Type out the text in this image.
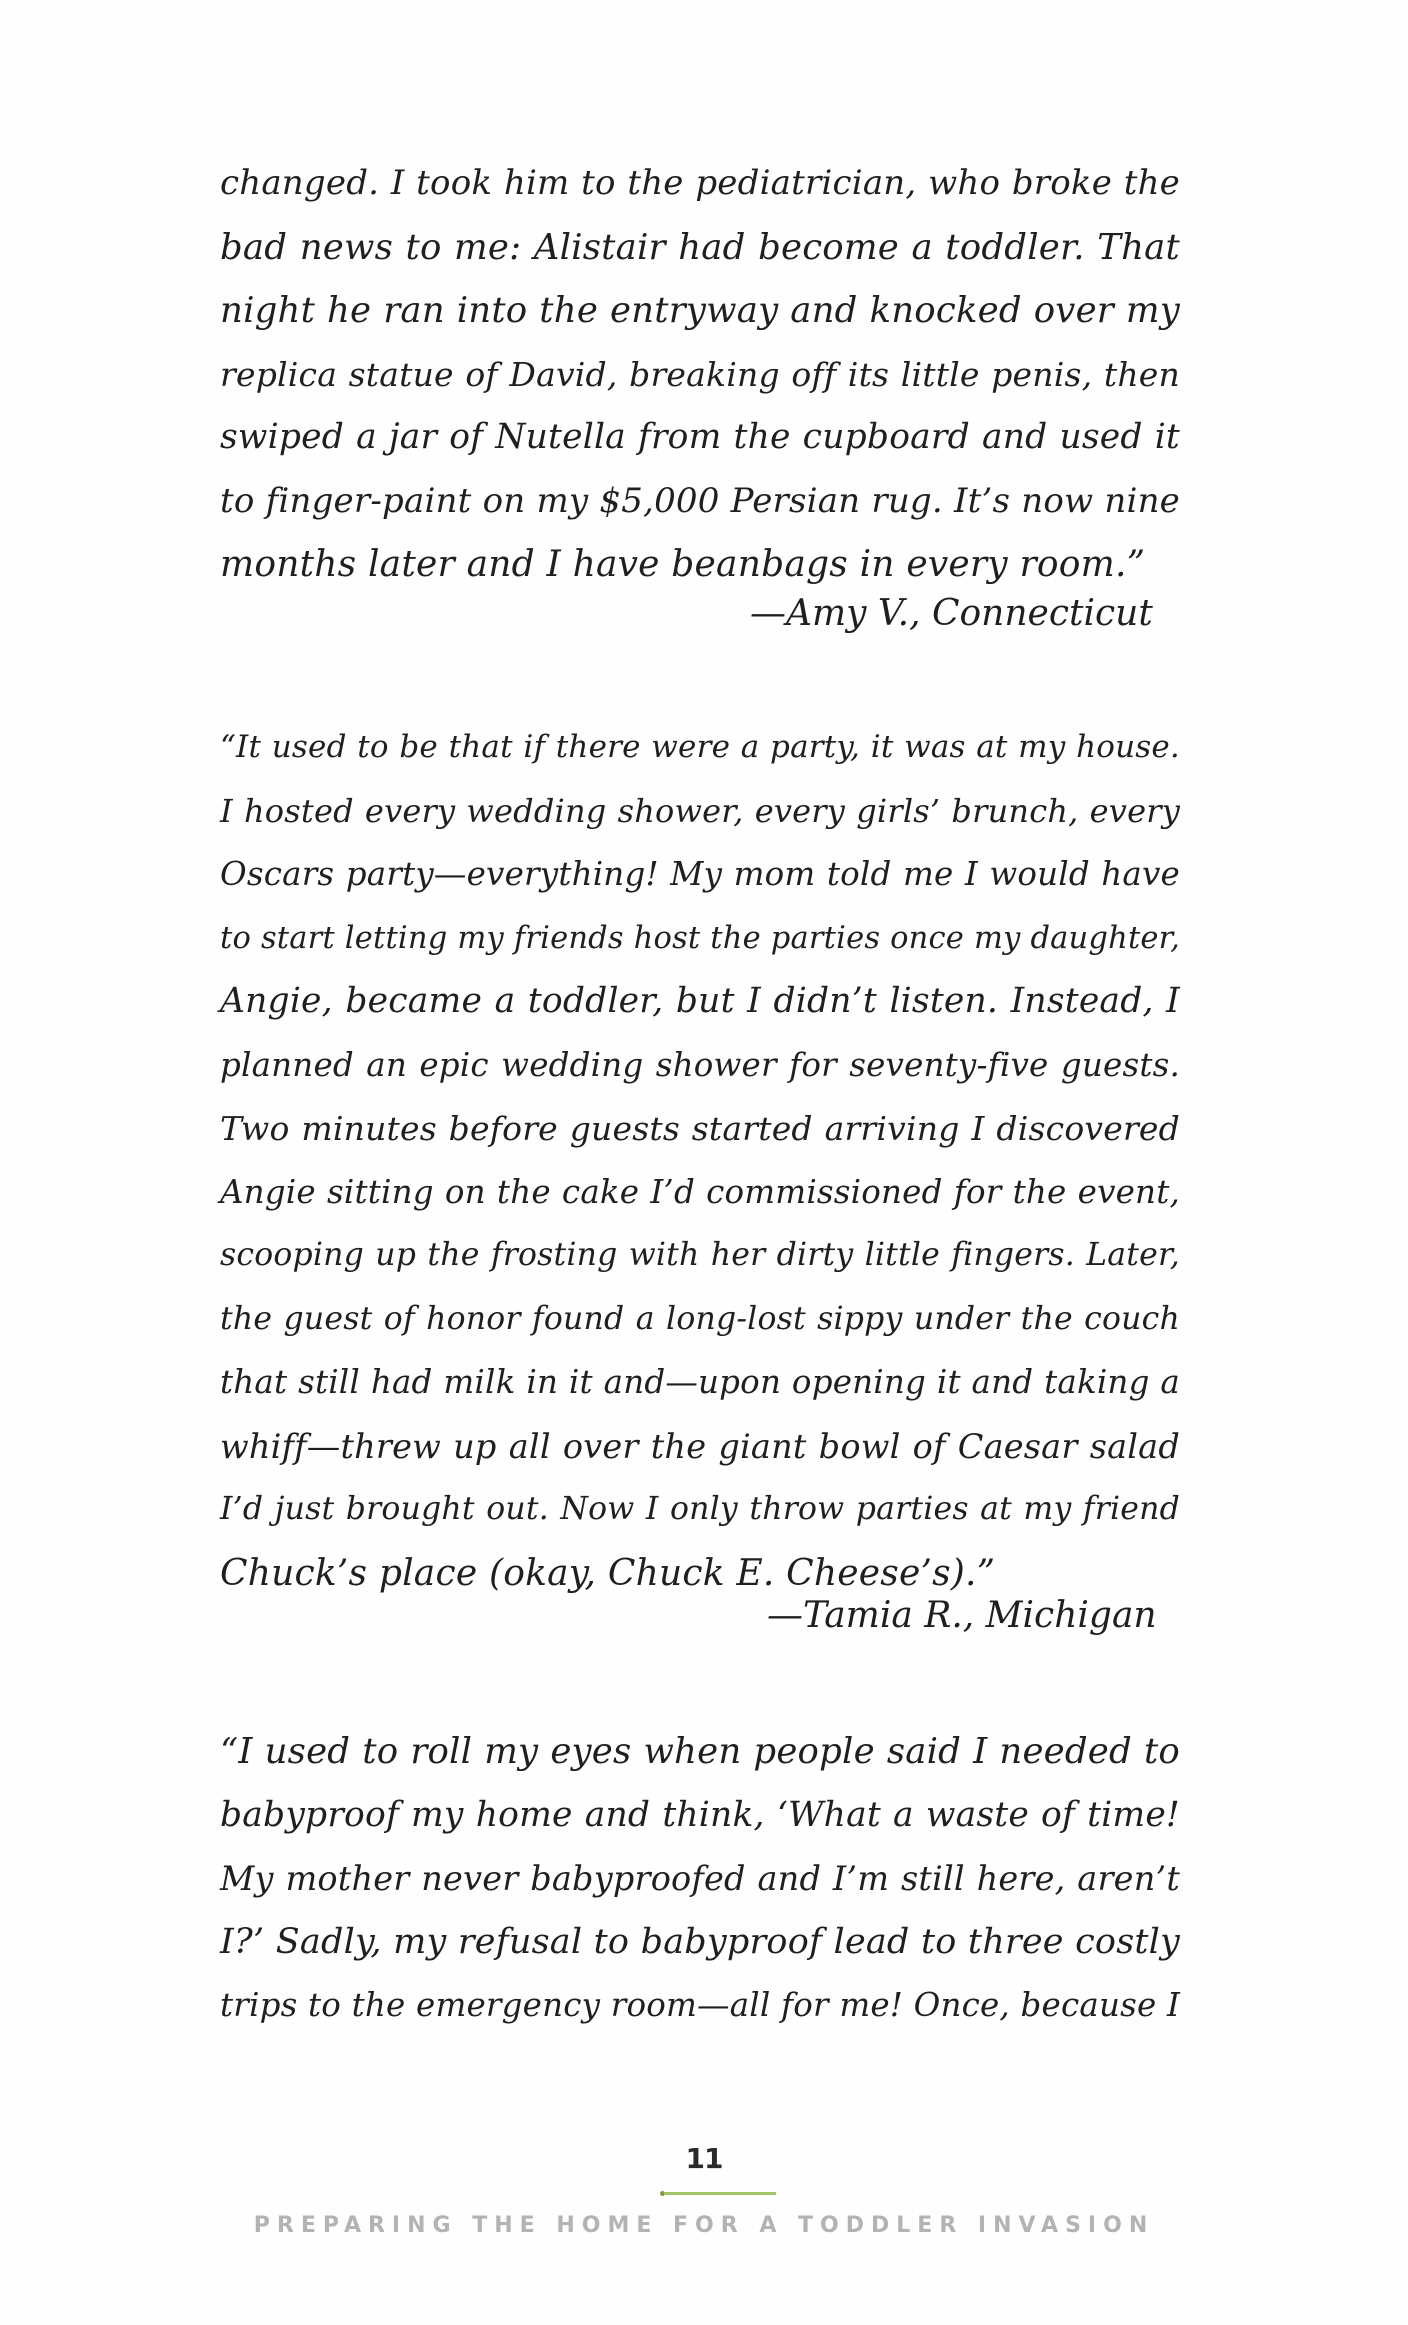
changed. I took him to the pediatrician, who broke the
bad news to me: Alistair had become a toddler. That
night he ran into the entryway and knocked over my
replica statue of David, breaking off its little penis, then
swiped a jar of Nutella from the cupboard and used it
to finger-paint on my $5,000 Persian rug. It’s now nine
months later and I have beanbags in every room.”
—Amy V., Connecticut
“It used to be that if there were a party, it was at my house.
I hosted every wedding shower, every girls’ brunch, every
Oscars party—everything! My mom told me I would have
to start letting my friends host the parties once my daughter,
Angie, became a toddler, but I didn’t listen. Instead, I
planned an epic wedding shower for seventy-five guests.
Two minutes before guests started arriving I discovered
Angie sitting on the cake I’d commissioned for the event,
scooping up the frosting with her dirty little fingers. Later,
the guest of honor found a long-lost sippy under the couch
that still had milk in it and—upon opening it and taking a
whiff—threw up all over the giant bowl of Caesar salad
I’d just brought out. Now I only throw parties at my friend
Chuck’s place (okay, Chuck E. Cheese’s).”
—Tamia R., Michigan
“I used to roll my eyes when people said I needed to
babyproof my home and think, ‘What a waste of time!
My mother never babyproofed and I’m still here, aren’t
I?’ Sadly, my refusal to babyproof lead to three costly
trips to the emergency room—all for me! Once, because I
11
PREPARING THE HOME FOR A TODDLER INVASION
